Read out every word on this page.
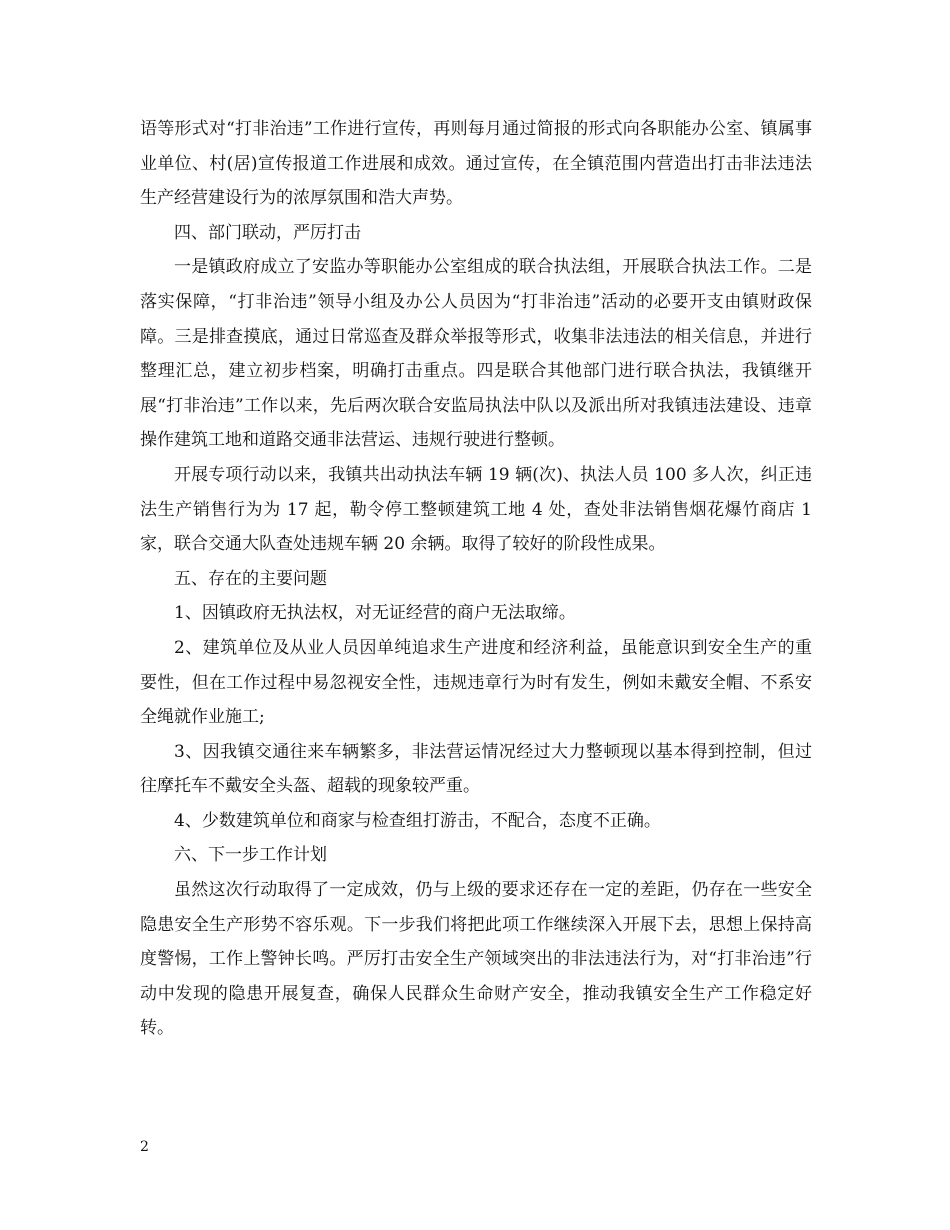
语等形式对“打非治违”工作进行宣传，再则每月通过简报的形式向各职能办公室、镇属事业单位、村(居)宣传报道工作进展和成效。通过宣传，在全镇范围内营造出打击非法违法生产经营建设行为的浓厚氛围和浩大声势。

四、部门联动，严厉打击

一是镇政府成立了安监办等职能办公室组成的联合执法组，开展联合执法工作。二是落实保障，“打非治违”领导小组及办公人员因为“打非治违”活动的必要开支由镇财政保障。三是排查摸底，通过日常巡查及群众举报等形式，收集非法违法的相关信息，并进行整理汇总，建立初步档案，明确打击重点。四是联合其他部门进行联合执法，我镇继开展“打非治违”工作以来，先后两次联合安监局执法中队以及派出所对我镇违法建设、违章操作建筑工地和道路交通非法营运、违规行驶进行整顿。

开展专项行动以来，我镇共出动执法车辆 19 辆(次)、执法人员 100 多人次，纠正违法生产销售行为为 17 起，勒令停工整顿建筑工地 4 处，查处非法销售烟花爆竹商店 1 家，联合交通大队查处违规车辆 20 余辆。取得了较好的阶段性成果。

五、存在的主要问题

1、因镇政府无执法权，对无证经营的商户无法取缔。

2、建筑单位及从业人员因单纯追求生产进度和经济利益，虽能意识到安全生产的重要性，但在工作过程中易忽视安全性，违规违章行为时有发生，例如未戴安全帽、不系安全绳就作业施工;

3、因我镇交通往来车辆繁多，非法营运情况经过大力整顿现以基本得到控制，但过往摩托车不戴安全头盔、超载的现象较严重。

4、少数建筑单位和商家与检查组打游击，不配合，态度不正确。

六、下一步工作计划

虽然这次行动取得了一定成效，仍与上级的要求还存在一定的差距，仍存在一些安全隐患安全生产形势不容乐观。下一步我们将把此项工作继续深入开展下去，思想上保持高度警惕，工作上警钟长鸣。严厉打击安全生产领域突出的非法违法行为，对“打非治违”行动中发现的隐患开展复查，确保人民群众生命财产安全，推动我镇安全生产工作稳定好转。

2
